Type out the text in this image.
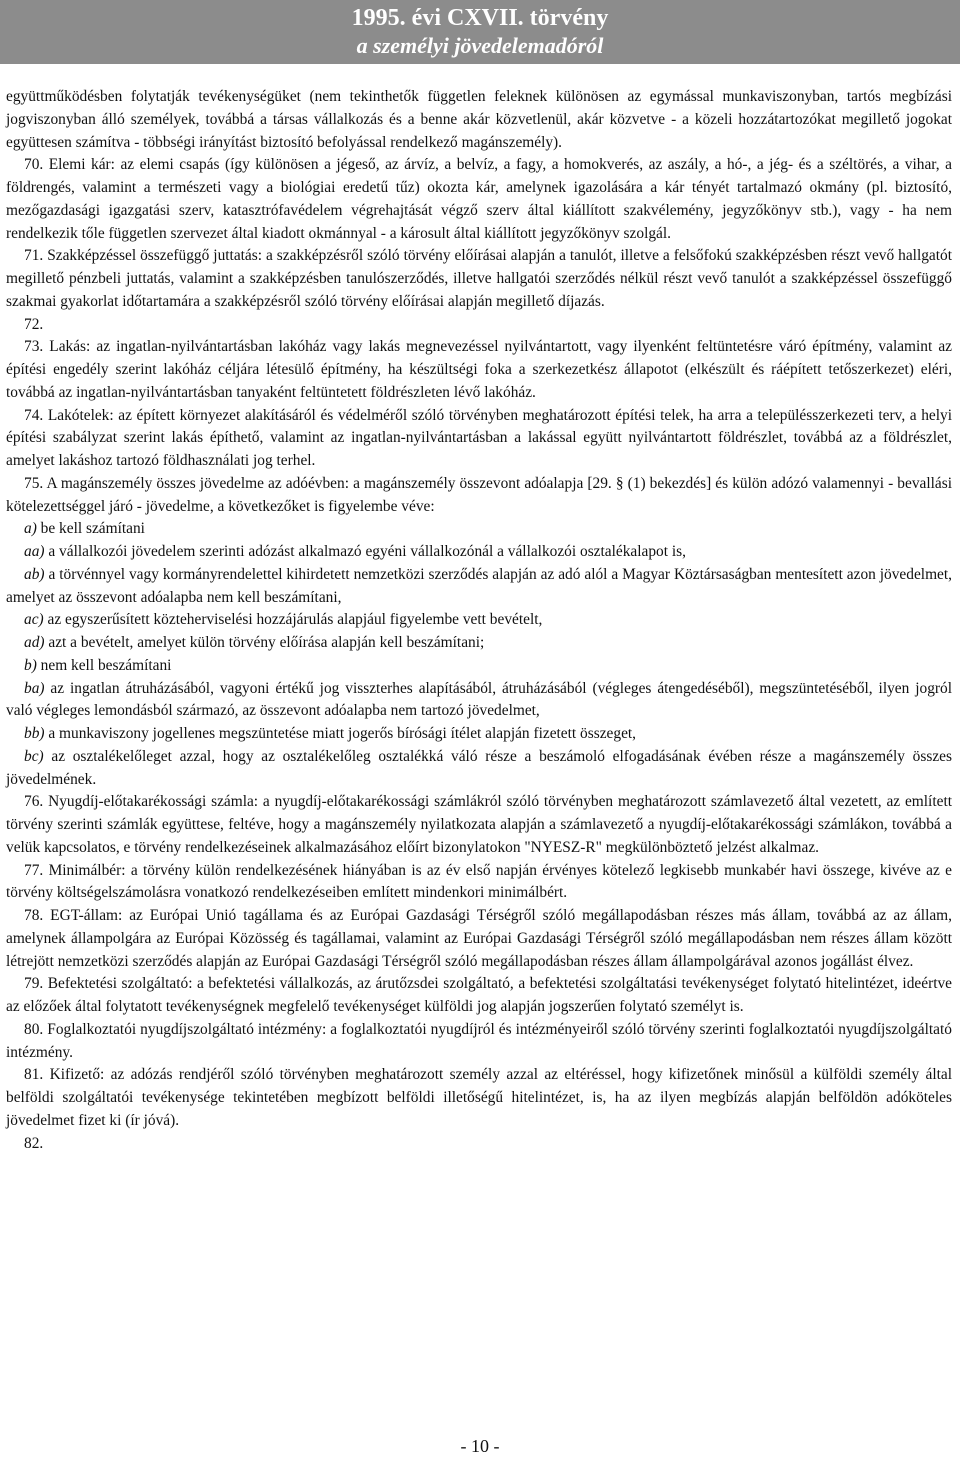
1995. évi CXVII. törvény
a személyi jövedelemadóról

együttműködésben folytatják tevékenységüket (nem tekinthetők független feleknek különösen az egymással munkaviszonyban, tartós megbízási jogviszonyban álló személyek, továbbá a társas vállalkozás és a benne akár közvetlenül, akár közvetve - a közeli hozzátartozókat megillető jogokat együttesen számítva - többségi irányítást biztosító befolyással rendelkező magánszemély).

70. Elemi kár: az elemi csapás (így különösen a jégeső, az árvíz, a belvíz, a fagy, a homokverés, az aszály, a hó-, a jég- és a széltörés, a vihar, a földrengés, valamint a természeti vagy a biológiai eredetű tűz) okozta kár, amelynek igazolására a kár tényét tartalmazó okmány (pl. biztosító, mezőgazdasági igazgatási szerv, katasztrófavédelem végrehajtását végző szerv által kiállított szakvélemény, jegyzőkönyv stb.), vagy - ha nem rendelkezik tőle független szervezet által kiadott okmánnyal - a károsult által kiállított jegyzőkönyv szolgál.

71. Szakképzéssel összefüggő juttatás: a szakképzésről szóló törvény előírásai alapján a tanulót, illetve a felsőfokú szakképzésben részt vevő hallgatót megillető pénzbeli juttatás, valamint a szakképzésben tanulószerződés, illetve hallgatói szerződés nélkül részt vevő tanulót a szakképzéssel összefüggő szakmai gyakorlat időtartamára a szakképzésről szóló törvény előírásai alapján megillető díjazás.

72.

73. Lakás: az ingatlan-nyilvántartásban lakóház vagy lakás megnevezéssel nyilvántartott, vagy ilyenként feltüntetésre váró építmény, valamint az építési engedély szerint lakóház céljára létesülő építmény, ha készültségi foka a szerkezetkész állapotot (elkészült és ráépített tetőszerkezet) eléri, továbbá az ingatlan-nyilvántartásban tanyaként feltüntetett földrészleten lévő lakóház.

74. Lakótelek: az épített környezet alakításáról és védelméről szóló törvényben meghatározott építési telek, ha arra a településszerkezeti terv, a helyi építési szabályzat szerint lakás építhető, valamint az ingatlan-nyilvántartásban a lakással együtt nyilvántartott földrészlet, továbbá az a földrészlet, amelyet lakáshoz tartozó földhasználati jog terhel.

75. A magánszemély összes jövedelme az adóévben: a magánszemély összevont adóalapja [29. § (1) bekezdés] és külön adózó valamennyi - bevallási kötelezettséggel járó - jövedelme, a következőket is figyelembe véve:

a) be kell számítani

aa) a vállalkozói jövedelem szerinti adózást alkalmazó egyéni vállalkozónál a vállalkozói osztalékalapot is,

ab) a törvénnyel vagy kormányrendelettel kihirdetett nemzetközi szerződés alapján az adó alól a Magyar Köztársaságban mentesített azon jövedelmet, amelyet az összevont adóalapba nem kell beszámítani,

ac) az egyszerűsített közteherviselési hozzájárulás alapjául figyelembe vett bevételt,

ad) azt a bevételt, amelyet külön törvény előírása alapján kell beszámítani;

b) nem kell beszámítani

ba) az ingatlan átruházásából, vagyoni értékű jog visszterhes alapításából, átruházásából (végleges átengedéséből), megszüntetéséből, ilyen jogról való végleges lemondásból származó, az összevont adóalapba nem tartozó jövedelmet,

bb) a munkaviszony jogellenes megszüntetése miatt jogerős bírósági ítélet alapján fizetett összeget,

bc) az osztalékelőleget azzal, hogy az osztalékelőleg osztalékká váló része a beszámoló elfogadásának évében része a magánszemély összes jövedelmének.

76. Nyugdíj-előtakarékossági számla: a nyugdíj-előtakarékossági számlákról szóló törvényben meghatározott számlavezető által vezetett, az említett törvény szerinti számlák együttese, feltéve, hogy a magánszemély nyilatkozata alapján a számlavezető a nyugdíj-előtakarékossági számlákon, továbbá a velük kapcsolatos, e törvény rendelkezéseinek alkalmazásához előírt bizonylatokon "NYESZ-R" megkülönböztető jelzést alkalmaz.

77. Minimálbér: a törvény külön rendelkezésének hiányában is az év első napján érvényes kötelező legkisebb munkabér havi összege, kivéve az e törvény költségelszámolásra vonatkozó rendelkezéseiben említett mindenkori minimálbért.

78. EGT-állam: az Európai Unió tagállama és az Európai Gazdasági Térségről szóló megállapodásban részes más állam, továbbá az az állam, amelynek állampolgára az Európai Közösség és tagállamai, valamint az Európai Gazdasági Térségről szóló megállapodásban nem részes állam között létrejött nemzetközi szerződés alapján az Európai Gazdasági Térségről szóló megállapodásban részes állam állampolgárával azonos jogállást élvez.

79. Befektetési szolgáltató: a befektetési vállalkozás, az árutőzsdei szolgáltató, a befektetési szolgáltatási tevékenységet folytató hitelintézet, ideértve az előzőek által folytatott tevékenységnek megfelelő tevékenységet külföldi jog alapján jogszerűen folytató személyt is.

80. Foglalkoztatói nyugdíjszolgáltató intézmény: a foglalkoztatói nyugdíjról és intézményeiről szóló törvény szerinti foglalkoztatói nyugdíjszolgáltató intézmény.

81. Kifizető: az adózás rendjéről szóló törvényben meghatározott személy azzal az eltéréssel, hogy kifizetőnek minősül a külföldi személy által belföldi szolgáltatói tevékenysége tekintetében megbízott belföldi illetőségű hitelintézet, is, ha az ilyen megbízás alapján belföldön adóköteles jövedelmet fizet ki (ír jóvá).

82.

- 10 -
